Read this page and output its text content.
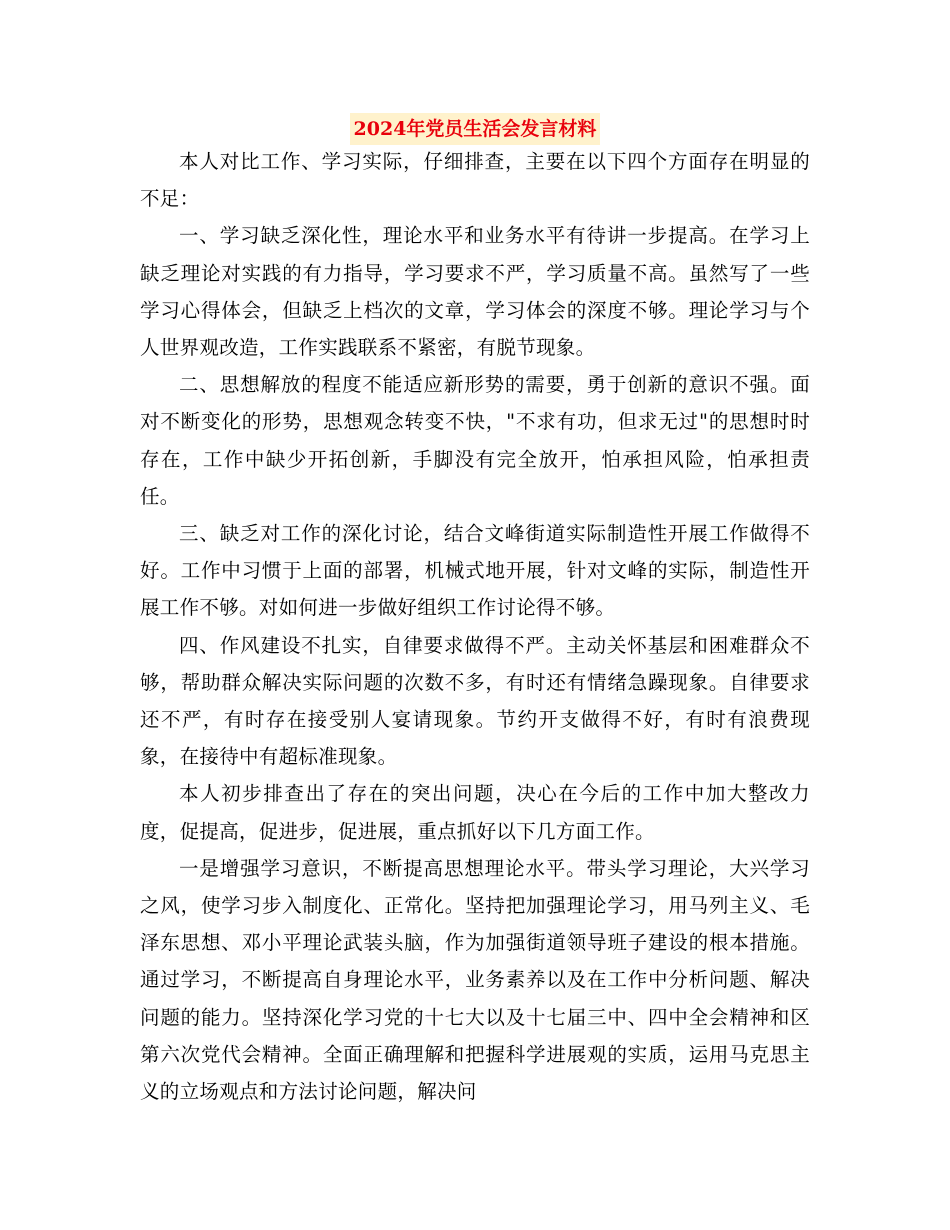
2024年党员生活会发言材料

本人对比工作、学习实际，仔细排查，主要在以下四个方面存在明显的不足：

一、学习缺乏深化性，理论水平和业务水平有待讲一步提高。在学习上缺乏理论对实践的有力指导，学习要求不严，学习质量不高。虽然写了一些学习心得体会，但缺乏上档次的文章，学习体会的深度不够。理论学习与个人世界观改造，工作实践联系不紧密，有脱节现象。

二、思想解放的程度不能适应新形势的需要，勇于创新的意识不强。面对不断变化的形势，思想观念转变不快，"不求有功，但求无过"的思想时时存在，工作中缺少开拓创新，手脚没有完全放开，怕承担风险，怕承担责任。

三、缺乏对工作的深化讨论，结合文峰街道实际制造性开展工作做得不好。工作中习惯于上面的部署，机械式地开展，针对文峰的实际，制造性开展工作不够。对如何进一步做好组织工作讨论得不够。

四、作风建设不扎实，自律要求做得不严。主动关怀基层和困难群众不够，帮助群众解决实际问题的次数不多，有时还有情绪急躁现象。自律要求还不严，有时存在接受别人宴请现象。节约开支做得不好，有时有浪费现象，在接待中有超标准现象。

本人初步排查出了存在的突出问题，决心在今后的工作中加大整改力度，促提高，促进步，促进展，重点抓好以下几方面工作。

一是增强学习意识，不断提高思想理论水平。带头学习理论，大兴学习之风，使学习步入制度化、正常化。坚持把加强理论学习，用马列主义、毛泽东思想、邓小平理论武装头脑，作为加强街道领导班子建设的根本措施。通过学习，不断提高自身理论水平，业务素养以及在工作中分析问题、解决问题的能力。坚持深化学习党的十七大以及十七届三中、四中全会精神和区第六次党代会精神。全面正确理解和把握科学进展观的实质，运用马克思主义的立场观点和方法讨论问题，解决问
